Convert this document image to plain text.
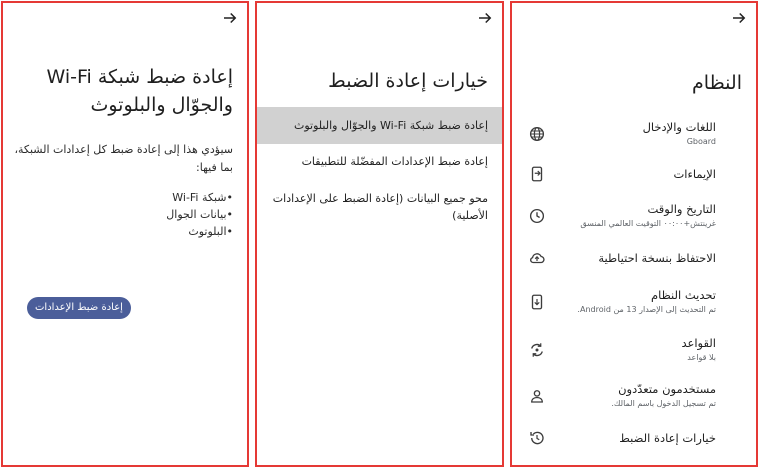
إعادة ضبط شبكة Wi-Fi والجوّال والبلوتوث
سيؤدي هذا إلى إعادة ضبط كل إعدادات الشبكة، بما فيها:
•شبكة Wi-Fi
•بيانات الجوال
•البلوتوث
إعادة ضبط الإعدادات
خيارات إعادة الضبط
إعادة ضبط شبكة Wi-Fi والجوّال والبلوتوث
إعادة ضبط الإعدادات المفضّلة للتطبيقات
محو جميع البيانات (إعادة الضبط على الإعدادات الأصلية)
النظام
اللغات والإدخال
Gboard
الإيماءات
التاريخ والوقت
غرينتش+٠٠:٠٠ التوقيت العالمي المنسق
الاحتفاظ بنسخة احتياطية
تحديث النظام
تم التحديث إلى الإصدار 13 من Android.
القواعد
بلا قواعد
مستخدمون متعدّدون
تم تسجيل الدخول باسم المالك.
خيارات إعادة الضبط
